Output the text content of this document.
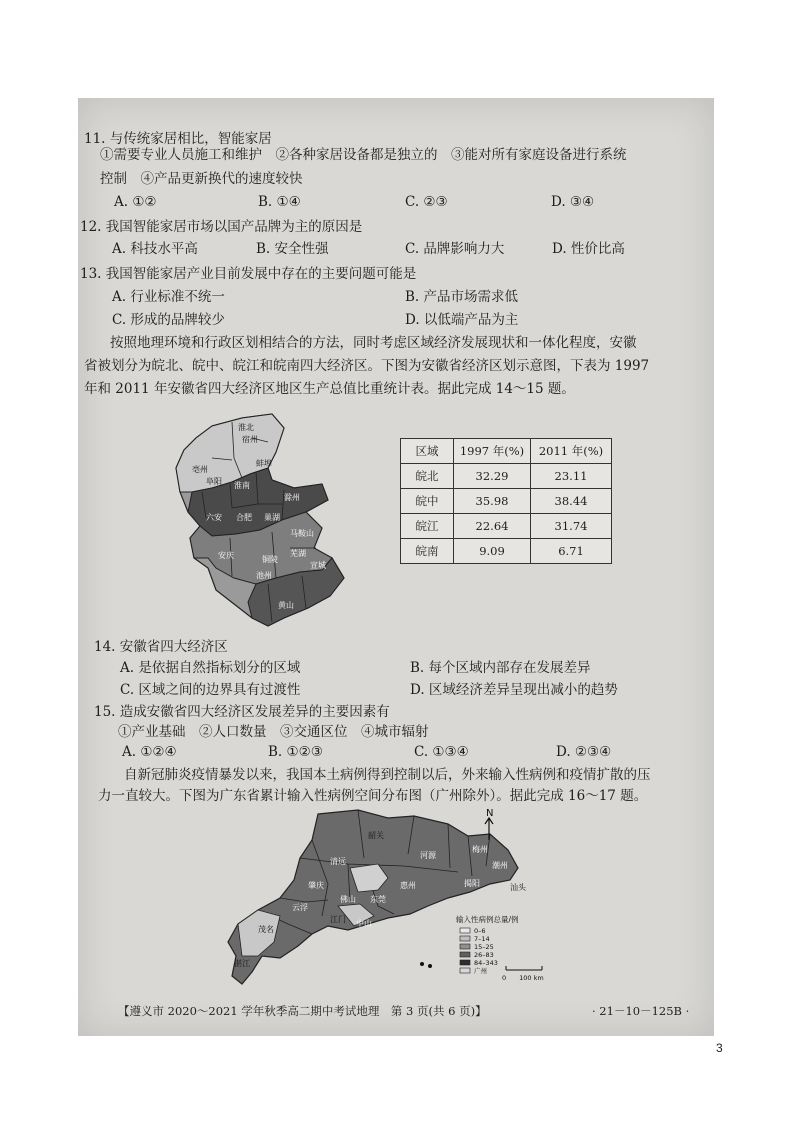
11. 与传统家居相比，智能家居
①需要专业人员施工和维护　②各种家居设备都是独立的　③能对所有家庭设备进行系统
控制　④产品更新换代的速度较快
A. ①②	B. ①④	C. ②③	D. ③④
12. 我国智能家居市场以国产品牌为主的原因是
A. 科技水平高	B. 安全性强	C. 品牌影响力大	D. 性价比高
13. 我国智能家居产业目前发展中存在的主要问题可能是
A. 行业标准不统一	B. 产品市场需求低
C. 形成的品牌较少	D. 以低端产品为主
按照地理环境和行政区划相结合的方法，同时考虑区域经济发展现状和一体化程度，安徽
省被划分为皖北、皖中、皖江和皖南四大经济区。下图为安徽省经济区划示意图，下表为 1997
年和 2011 年安徽省四大经济区地区生产总值比重统计表。据此完成 14～15 题。
宿州
亳州
淮北
阜阳
蚌埠
淮南
滁州
六安 合肥 巢湖
马鞍山
芜湖
宣城
铜陵
池州
安庆
黄山
区域	1997 年(%)	2011 年(%)
皖北	32.29	23.11
皖中	35.98	38.44
皖江	22.64	31.74
皖南	9.09	6.71
14. 安徽省四大经济区
A. 是依据自然指标划分的区域	B. 每个区域内部存在发展差异
C. 区域之间的边界具有过渡性	D. 区域经济差异呈现出减小的趋势
15. 造成安徽省四大经济区发展差异的主要因素有
①产业基础　②人口数量　③交通区位　④城市辐射
A. ①②④	B. ①②③	C. ①③④	D. ②③④
自新冠肺炎疫情暴发以来，我国本土病例得到控制以后，外来输入性病例和疫情扩散的压
力一直较大。下图为广东省累计输入性病例空间分布图（广州除外）。据此完成 16～17 题。
韶关
河源
梅州
潮州
汕头
揭阳
清远
肇庆	惠州
佛山 东莞
云浮
江门 中山
茂名
湛江
N
输入性病例总量/例
0–6
7–14
15–25
26–83
84–343
广州
0　　100 km
【遵义市 2020～2021 学年秋季高二期中考试地理　第 3 页(共 6 页)】	· 21－10－125B ·
3
